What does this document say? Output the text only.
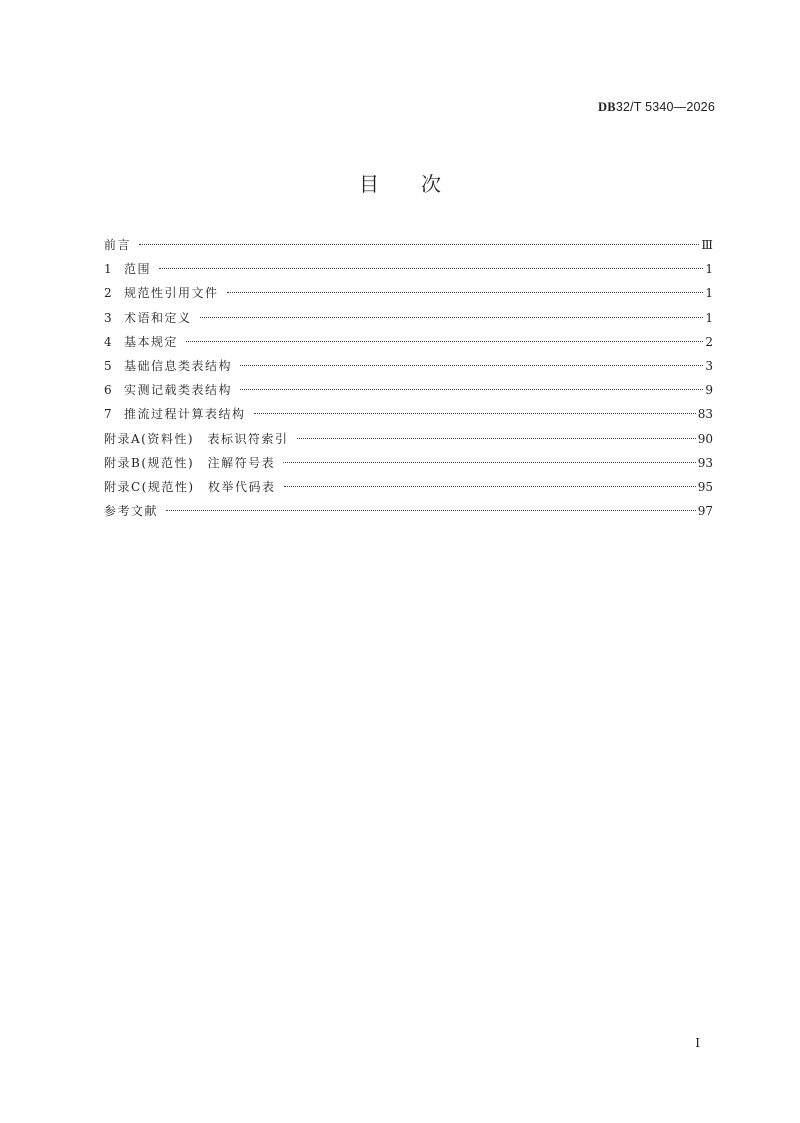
DB32/T 5340—2026
目次
前言	Ⅲ
1	范围	1
2	规范性引用文件	1
3	术语和定义	1
4	基本规定	2
5	基础信息类表结构	3
6	实测记载类表结构	9
7	推流过程计算表结构	83
附录A(资料性)　表标识符索引	90
附录B(规范性)　注解符号表	93
附录C(规范性)　枚举代码表	95
参考文献	97
Ⅰ
